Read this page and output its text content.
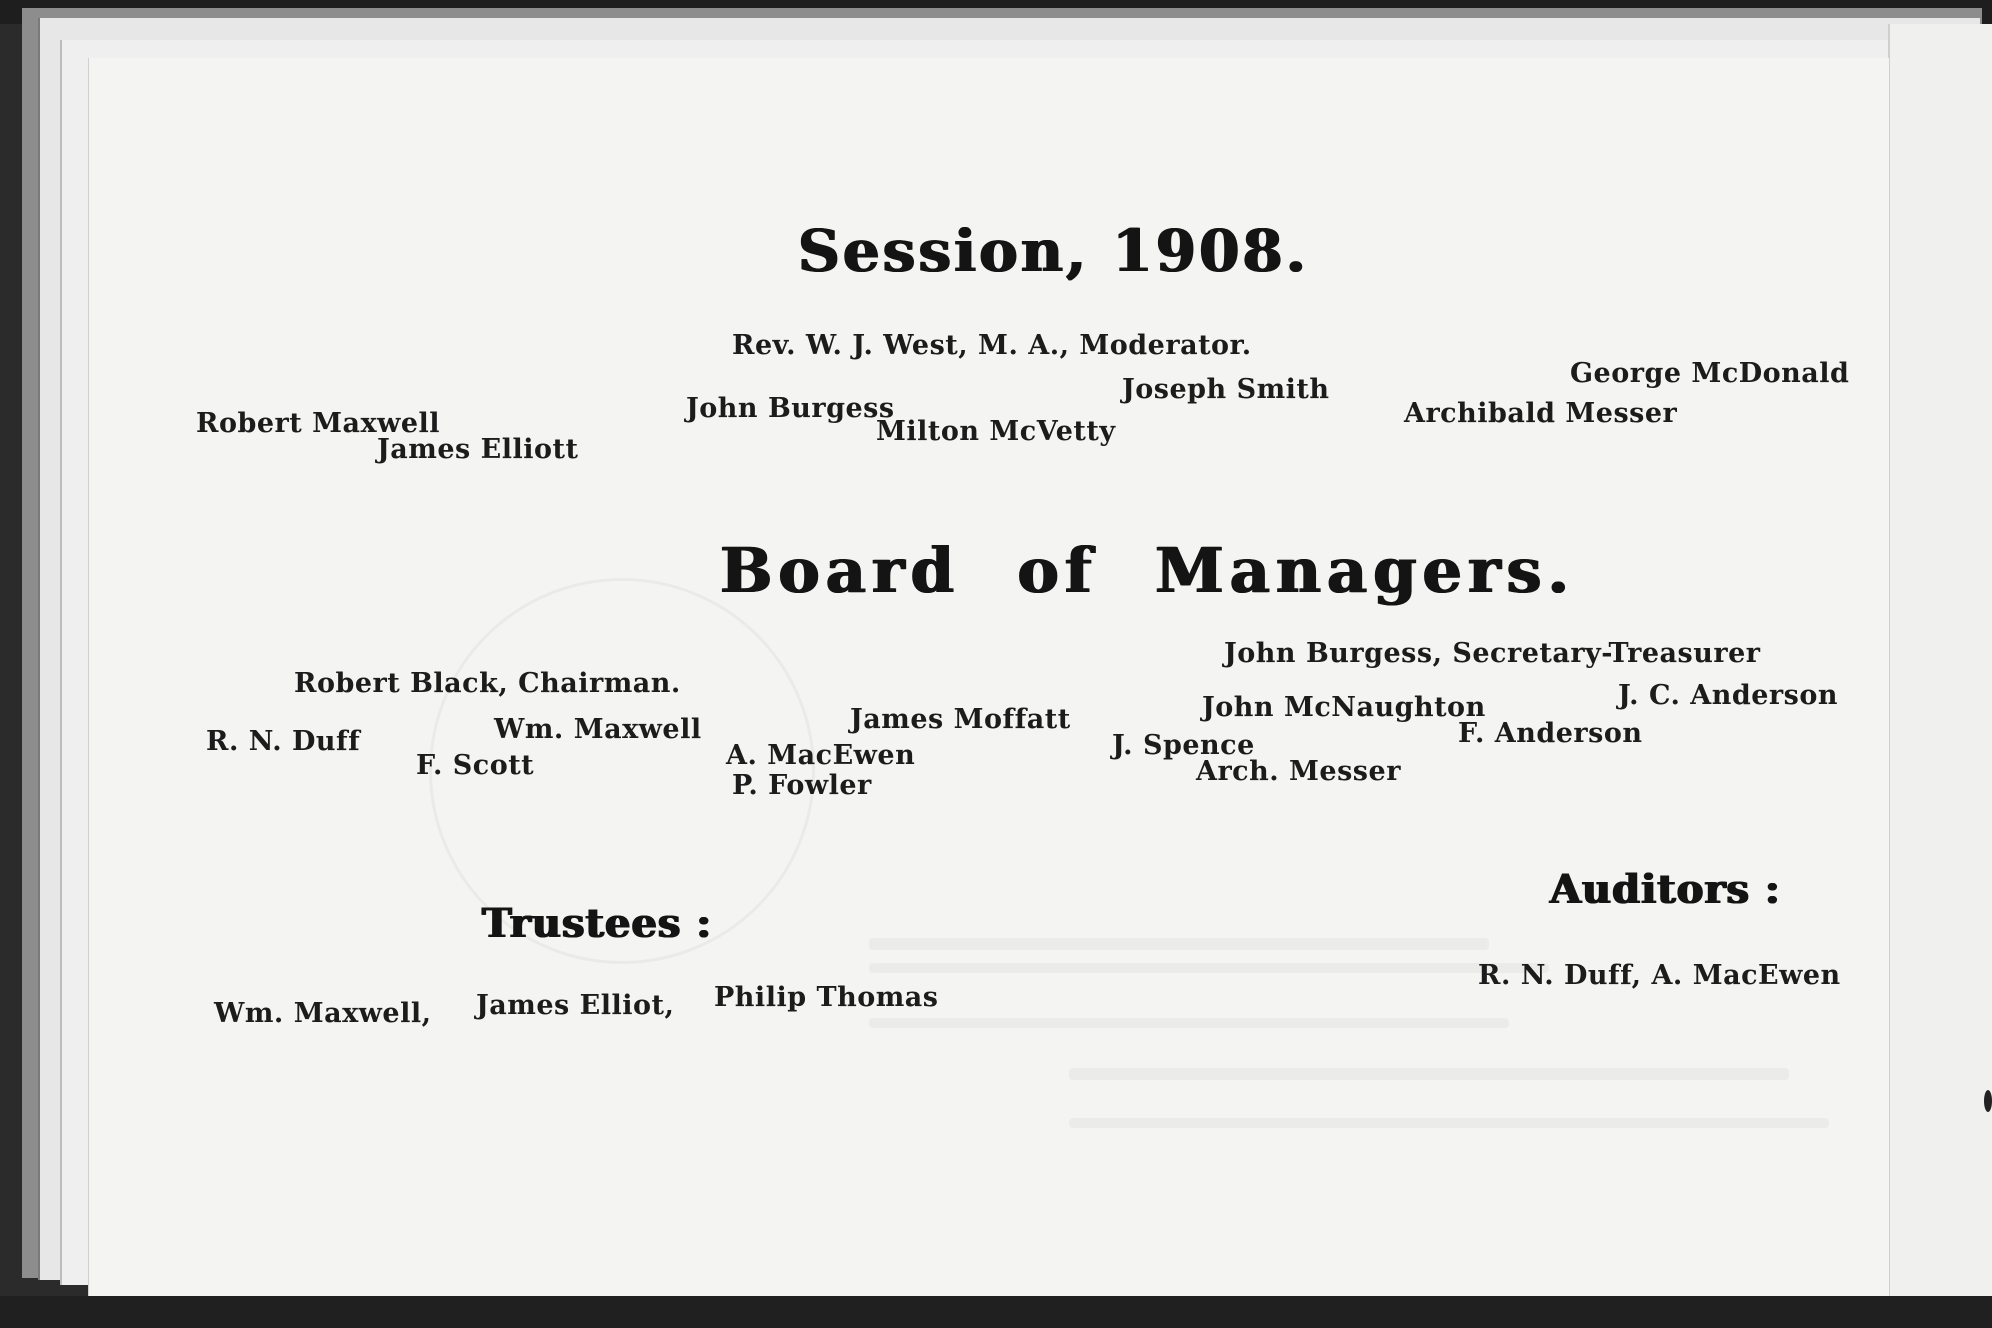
Session, 1908.
Rev. W. J. West, M. A., Moderator.
Robert Maxwell
James Elliott
John Burgess
Milton McVetty
Joseph Smith
George McDonald
Archibald Messer
Board of Managers.
Robert Black, Chairman.
John Burgess, Secretary-Treasurer
R. N. Duff	Wm. Maxwell
F. Scott
James Moffatt
A. MacEwen
P. Fowler
J. Spence
John McNaughton
Arch. Messer
F. Anderson
J. C. Anderson
Trustees :
Wm. Maxwell, James Elliot, Philip Thomas
Auditors :
R. N. Duff, A. MacEwen
